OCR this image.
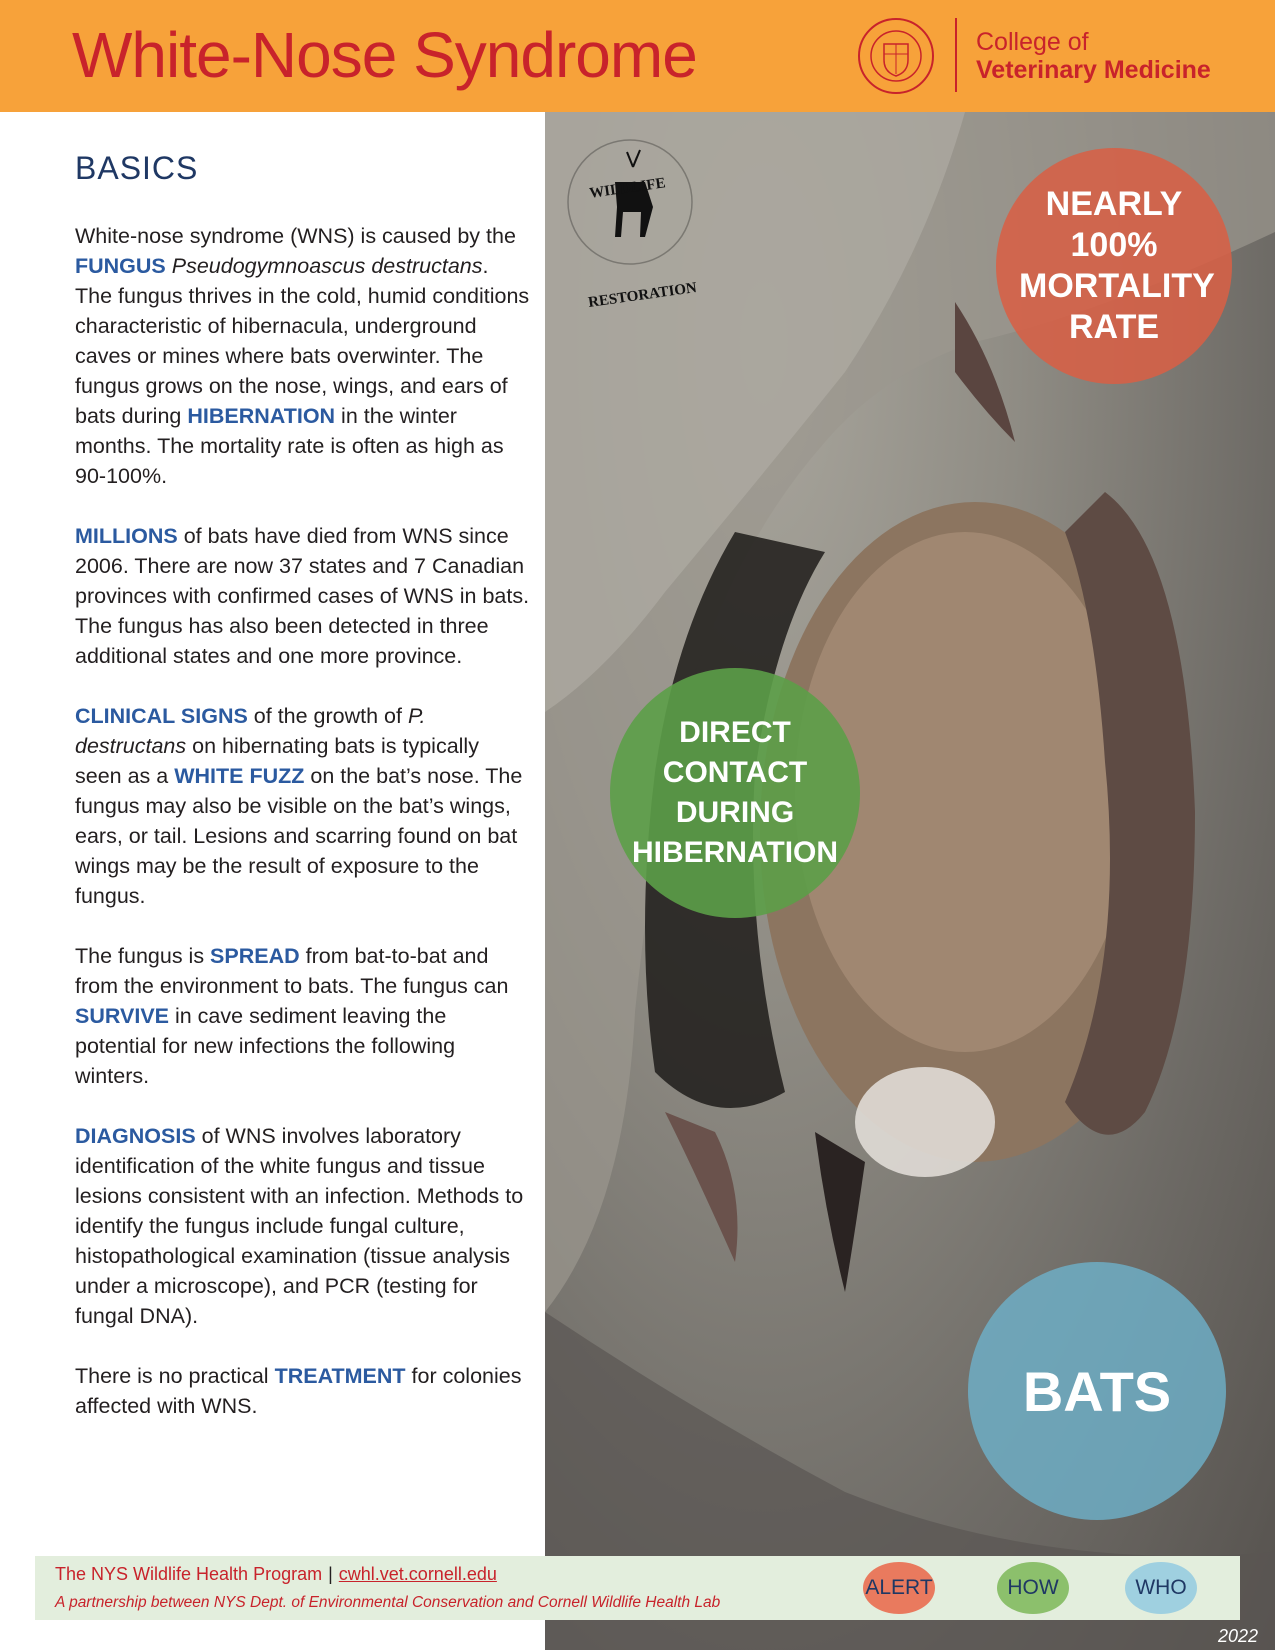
White-Nose Syndrome	College of
Veterinary Medicine
WILDLIFE RESTORATION
BASICS

White-nose syndrome (WNS) is caused by the FUNGUS Pseudogymnoascus destructans. The fungus thrives in the cold, humid conditions characteristic of hibernacula, underground caves or mines where bats overwinter. The fungus grows on the nose, wings, and ears of bats during HIBERNATION in the winter months. The mortality rate is often as high as 90-100%.

MILLIONS of bats have died from WNS since 2006. There are now 37 states and 7 Canadian provinces with confirmed cases of WNS in bats. The fungus has also been detected in three additional states and one more province.

CLINICAL SIGNS of the growth of P. destructans on hibernating bats is typically seen as a WHITE FUZZ on the bat’s nose. The fungus may also be visible on the bat’s wings, ears, or tail. Lesions and scarring found on bat wings may be the result of exposure to the fungus.

The fungus is SPREAD from bat-to-bat and from the environment to bats. The fungus can SURVIVE in cave sediment leaving the potential for new infections the following winters.

DIAGNOSIS of WNS involves laboratory identification of the white fungus and tissue lesions consistent with an infection. Methods to identify the fungus include fungal culture, histopathological examination (tissue analysis under a microscope), and PCR (testing for fungal DNA).

There is no practical TREATMENT for colonies affected with WNS.

NEARLY 100% MORTALITY RATE
DIRECT CONTACT DURING HIBERNATION
BATS
The NYS Wildlife Health Program | cwhl.vet.cornell.edu
A partnership between NYS Dept. of Environmental Conservation and Cornell Wildlife Health Lab
ALERT	HOW	WHO
2022
